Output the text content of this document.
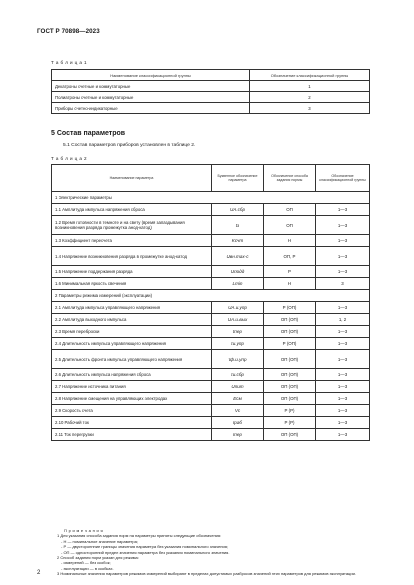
ГОСТ Р 70898—2023
Т а б л и ц а 1
Наименование классификационной группы	Обозначение классификационной группы
Декатроны счетные и коммутаторные	1
Полиатроны счетные и коммутаторные	2
Приборы счетно-индикаторные	3
5 Состав параметров
5.1 Состав параметров приборов установлен в таблице 2.
Т а б л и ц а 2
Наименование параметра	Буквенное обозначение параметра	Обозначение способа задания нормы	Обозначение классификационной группы
1 Электрические параметры			
1.1 Амплитуда импульса напряжения сброса	UA.сбр	ОП	1—3
1.2 Время готовности в темноте и на свету (время запаздывания возникновения разряда промежутка анод-катод)	tз	ОП	1—3
1.3 Коэффициент пересчета	Kсчт	Н	1—3
1.4 Напряжение возникновения разряда в промежутке анод-катод	Uвн.max-с	ОП, Р	1—3
1.5 Напряжение поддержания разряда	Uподд	Р	1—3
1.6 Минимальная яркость свечения	Lmin	Н	3
2 Параметры режима измерений (эксплуатации)			
2.1 Амплитуда импульса управляющего напряжения	UA.и.упр	Р (ОП)	1—3
2.2 Амплитуда выходного импульса	UA.и.вых	ОП (ОП)	1, 2
2.3 Время переброски	tпер	ОП (ОП)	1—3
2.4 Длительность импульса управляющего напряжения	τи.упр	Р (ОП)	1—3
2.5 Длительность фронта импульса управляющего напряжения	τф.и.упр	ОП (ОП)	1—3
2.6 Длительность импульса напряжения сброса	τи.сбр	ОП (ОП)	1—3
2.7 Напряжение источника питания	Uпит	ОП (ОП)	1—3
2.8 Напряжение смещения на управляющих электродах	Eсм	ОП (ОП)	1—3
2.9 Скорость счета	Vс	Р (Р)	1—3
2.10 Рабочий ток	Iраб	Р (Р)	1—3
2.11 Ток перегрузки	Iпер	ОП (ОП)	1—3
П р и м е ч а н и я
1 Для указания способа задания норм на параметры приняты следующие обозначения:
- Н — номинальное значение параметра;
- Р — двустороннние границы значения параметра без указания номинального значения;
- ОП — односторонний предел значения параметра без указания номинального значения.
2 Способ задания норм указан для режима:
- измерений — без скобок;
- эксплуатации — в скобках.
3 Номинальные значения параметров режимов измерений выбирают в пределах допустимых разбросов значений этих параметров для режимов эксплуатации.
2
